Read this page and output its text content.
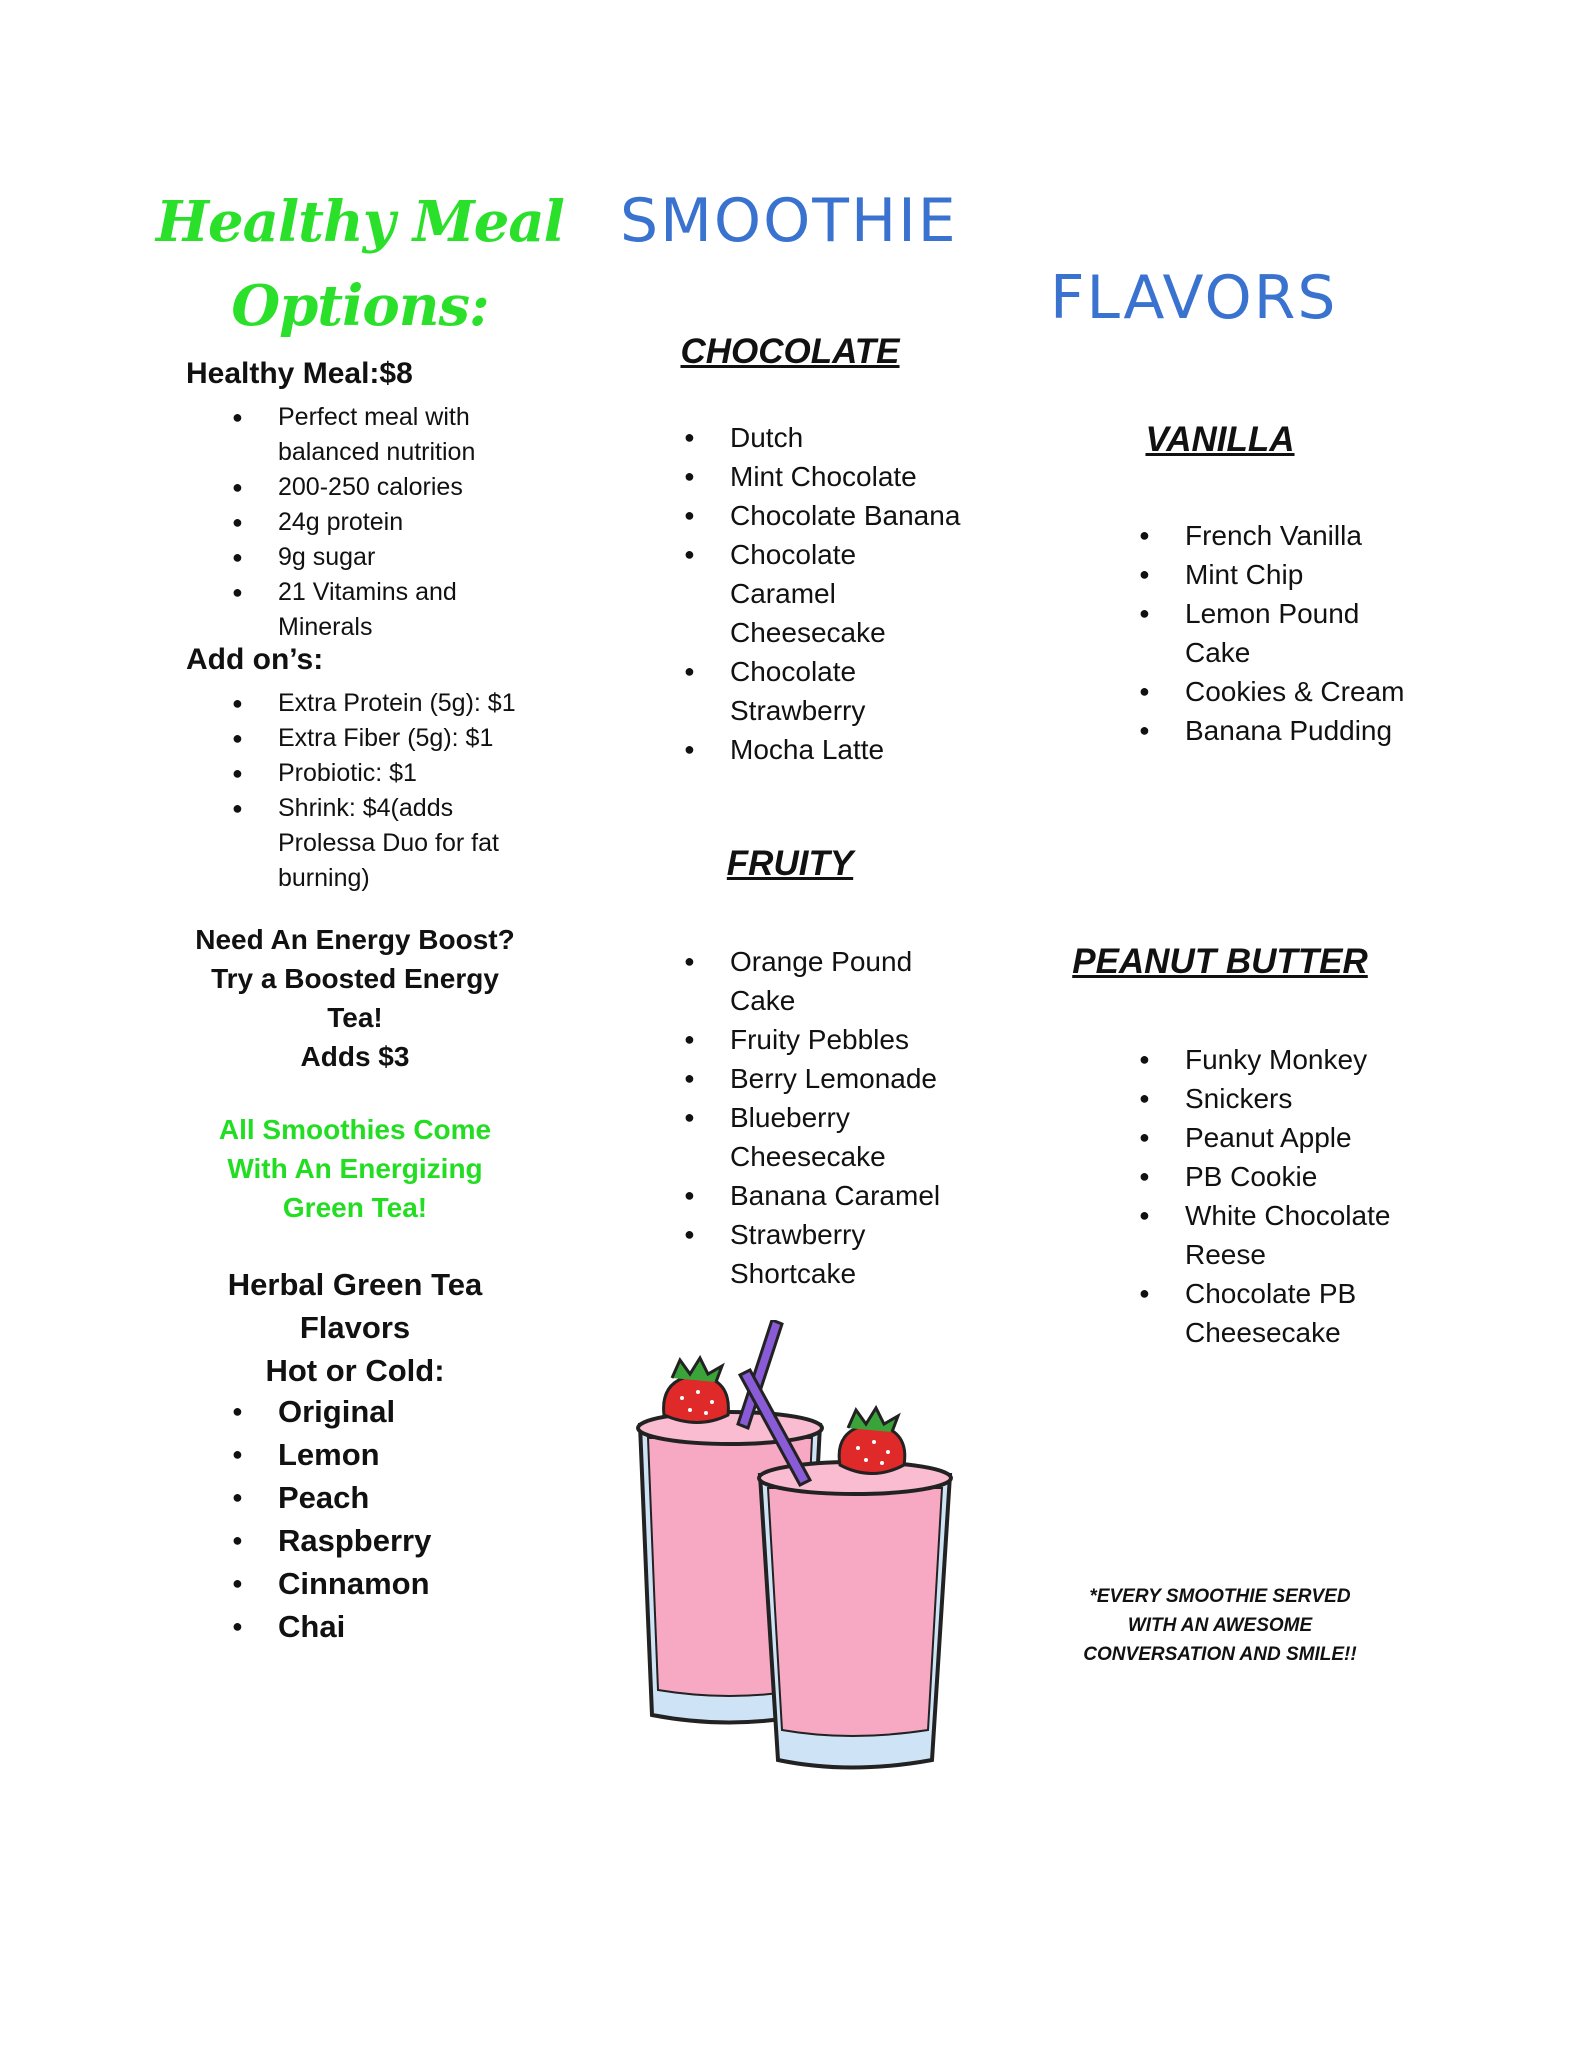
Healthy Meal
Options:
Healthy Meal:$8
● Perfect meal with balanced nutrition
● 200-250 calories
● 24g protein
● 9g sugar
● 21 Vitamins and Minerals
Add on’s:
● Extra Protein (5g): $1
● Extra Fiber (5g): $1
● Probiotic: $1
● Shrink: $4(adds Prolessa Duo for fat burning)
Need An Energy Boost?
Try a Boosted Energy
Tea!
Adds $3
All Smoothies Come
With An Energizing
Green Tea!
Herbal Green Tea
Flavors
Hot or Cold:
● Original
● Lemon
● Peach
● Raspberry
● Cinnamon
● Chai
SMOOTHIE
FLAVORS
CHOCOLATE
● Dutch
● Mint Chocolate
● Chocolate Banana
● Chocolate Caramel Cheesecake
● Chocolate Strawberry
● Mocha Latte
VANILLA
● French Vanilla
● Mint Chip
● Lemon Pound Cake
● Cookies & Cream
● Banana Pudding
FRUITY
● Orange Pound Cake
● Fruity Pebbles
● Berry Lemonade
● Blueberry Cheesecake
● Banana Caramel
● Strawberry Shortcake
PEANUT BUTTER
● Funky Monkey
● Snickers
● Peanut Apple
● PB Cookie
● White Chocolate Reese
● Chocolate PB Cheesecake
*EVERY SMOOTHIE SERVED
WITH AN AWESOME
CONVERSATION AND SMILE!!
